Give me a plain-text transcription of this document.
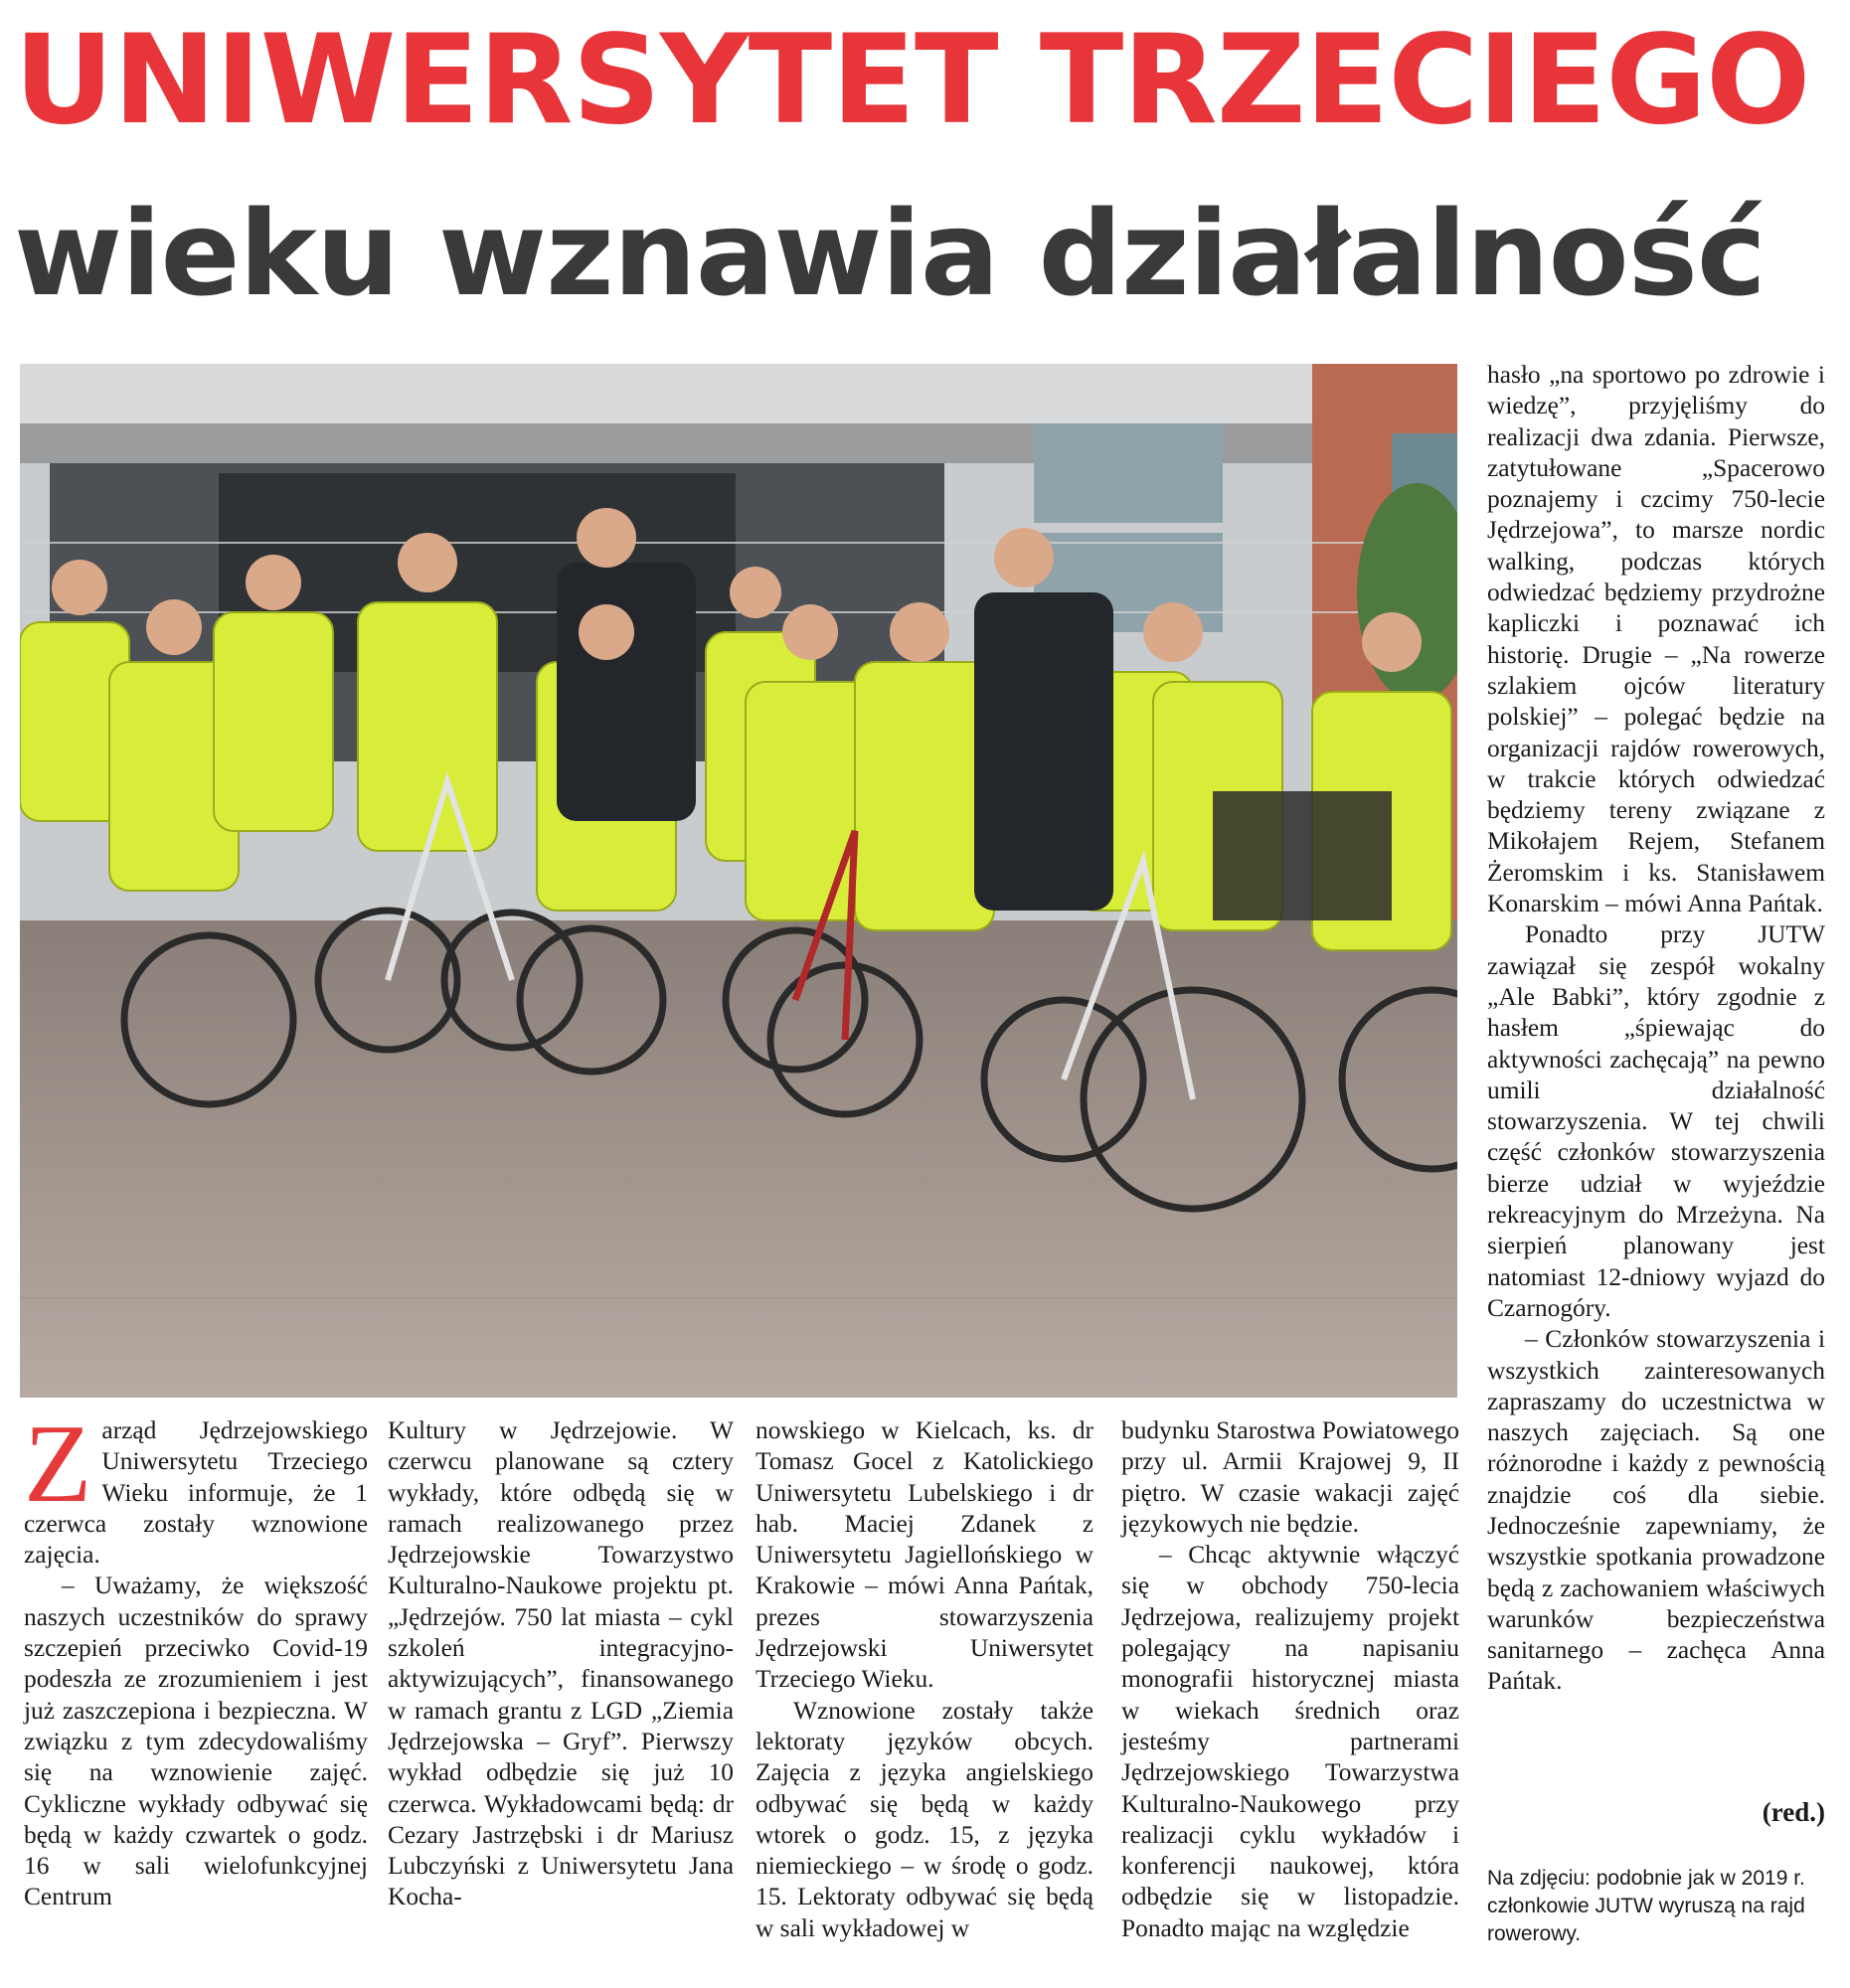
UNIWERSYTET TRZECIEGO
wieku wznawia działalność
Z arząd Jędrzejowskiego Uniwersytetu Trzeciego Wieku informuje, że 1 czerwca zostały wznowione zajęcia.

– Uważamy, że większość naszych uczestników do sprawy szczepień przeciwko Covid-19 podeszła ze zrozumieniem i jest już zaszczepiona i bezpieczna. W związku z tym zdecydowaliśmy się na wznowienie zajęć. Cykliczne wykłady odbywać się będą w każdy czwartek o godz. 16 w sali wielofunkcyjnej Centrum

Kultury w Jędrzejowie. W czerwcu planowane są cztery wykłady, które odbędą się w ramach realizowanego przez Jędrzejowskie Towarzystwo Kulturalno-Naukowe projektu pt. „Jędrzejów. 750 lat miasta – cykl szkoleń integracyjno-aktywizujących”, finansowanego w ramach grantu z LGD „Ziemia Jędrzejowska – Gryf”. Pierwszy wykład odbędzie się już 10 czerwca. Wykładowcami będą: dr Cezary Jastrzębski i dr Mariusz Lubczyński z Uniwersytetu Jana Kocha-

nowskiego w Kielcach, ks. dr Tomasz Gocel z Katolickiego Uniwersytetu Lubelskiego i dr hab. Maciej Zdanek z Uniwersytetu Jagiellońskiego w Krakowie – mówi Anna Pańtak, prezes stowarzyszenia Jędrzejowski Uniwersytet Trzeciego Wieku.

Wznowione zostały także lektoraty języków obcych. Zajęcia z języka angielskiego odbywać się będą w każdy wtorek o godz. 15, z języka niemieckiego – w środę o godz. 15. Lektoraty odbywać się będą w sali wykładowej w

budynku Starostwa Powiatowego przy ul. Armii Krajowej 9, II piętro. W czasie wakacji zajęć językowych nie będzie.

– Chcąc aktywnie włączyć się w obchody 750-lecia Jędrzejowa, realizujemy projekt polegający na napisaniu monografii historycznej miasta w wiekach średnich oraz jesteśmy partnerami Jędrzejowskiego Towarzystwa Kulturalno-Naukowego przy realizacji cyklu wykładów i konferencji naukowej, która odbędzie się w listopadzie. Ponadto mając na względzie

hasło „na sportowo po zdrowie i wiedzę”, przyjęliśmy do realizacji dwa zdania. Pierwsze, zatytułowane „Spacerowo poznajemy i czcimy 750-lecie Jędrzejowa”, to marsze nordic walking, podczas których odwiedzać będziemy przydrożne kapliczki i poznawać ich historię. Drugie – „Na rowerze szlakiem ojców literatury polskiej” – polegać będzie na organizacji rajdów rowerowych, w trakcie których odwiedzać będziemy tereny związane z Mikołajem Rejem, Stefanem Żeromskim i ks. Stanisławem Konarskim – mówi Anna Pańtak.

Ponadto przy JUTW zawiązał się zespół wokalny „Ale Babki”, który zgodnie z hasłem „śpiewając do aktywności zachęcają” na pewno umili działalność stowarzyszenia. W tej chwili część członków stowarzyszenia bierze udział w wyjeździe rekreacyjnym do Mrzeżyna. Na sierpień planowany jest natomiast 12-dniowy wyjazd do Czarnogóry.

– Członków stowarzyszenia i wszystkich zainteresowanych zapraszamy do uczestnictwa w naszych zajęciach. Są one różnorodne i każdy z pewnością znajdzie coś dla siebie. Jednocześnie zapewniamy, że wszystkie spotkania prowadzone będą z zachowaniem właściwych warunków bezpieczeństwa sanitarnego – zachęca Anna Pańtak.

(red.)
Na zdjęciu: podobnie jak w 2019 r. członkowie JUTW wyruszą na rajd rowerowy.
